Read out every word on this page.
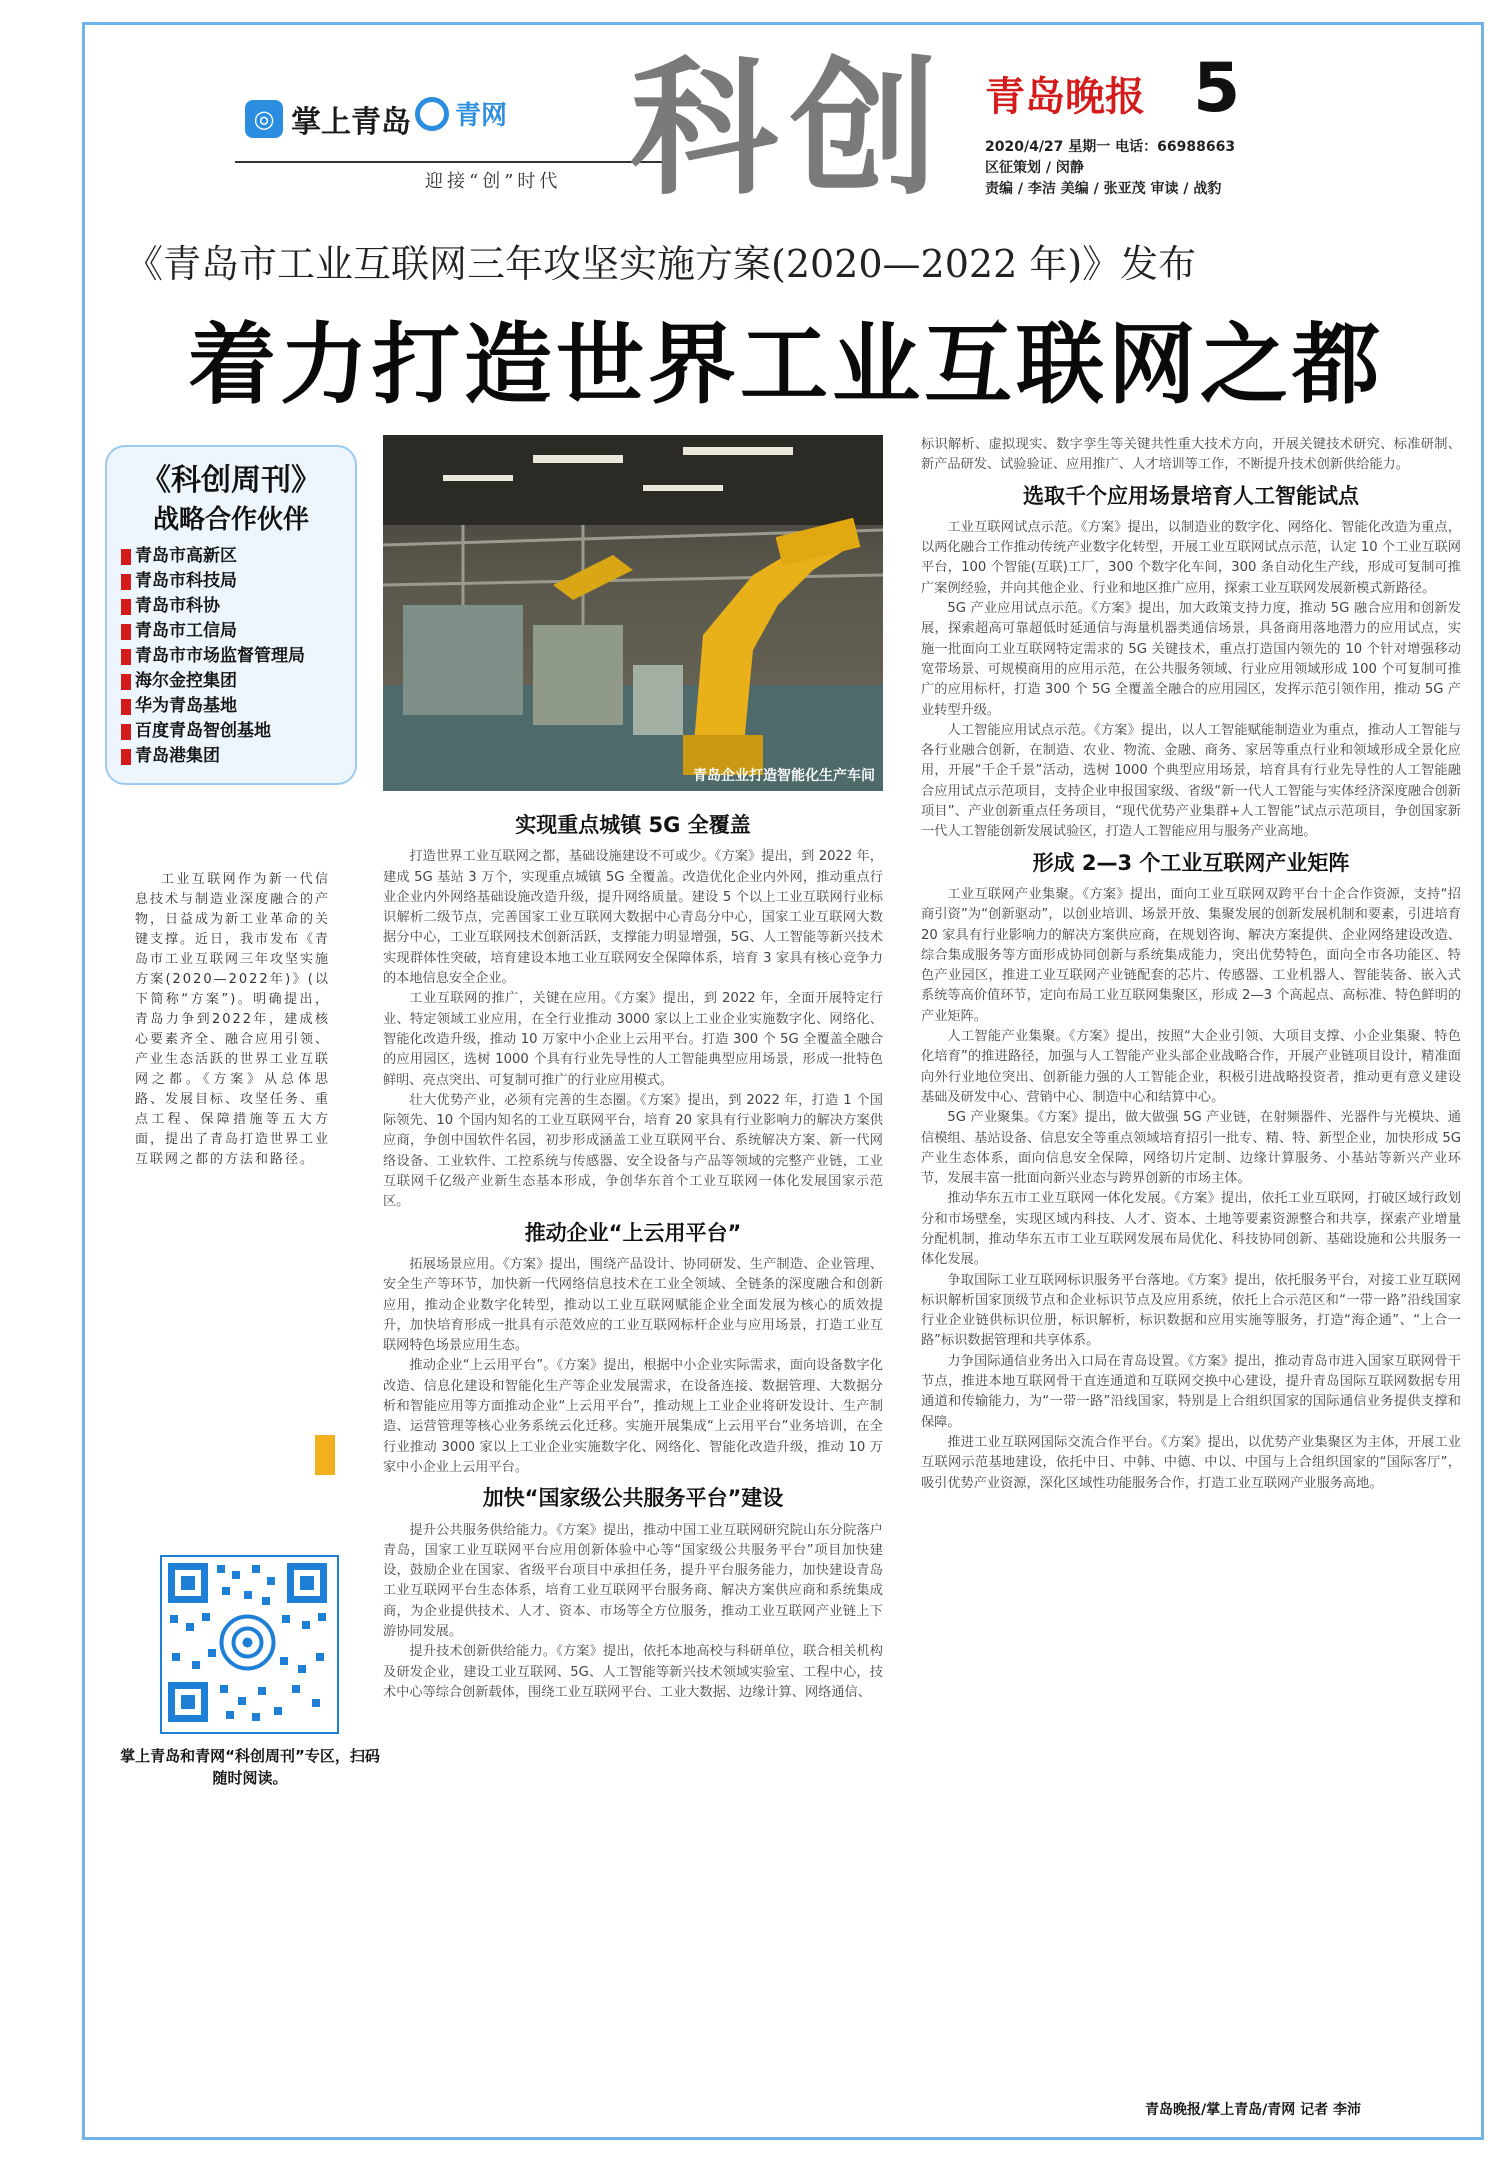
◎ 掌上青岛 青网
迎接“创”时代 科创 青岛晚报 5
2020/4/27 星期一 电话：66988663
区征策划 / 闵静
责编 / 李洁 美编 / 张亚茂 审读 / 战豹
《青岛市工业互联网三年攻坚实施方案(2020—2022 年)》发布
着力打造世界工业互联网之都
《科创周刊》
战略合作伙伴
青岛市高新区
青岛市科技局
青岛市科协
青岛市工信局
青岛市市场监督管理局
海尔金控集团
华为青岛基地
百度青岛智创基地
青岛港集团
工业互联网作为新一代信息技术与制造业深度融合的产物，日益成为新工业革命的关键支撑。近日，我市发布《青岛市工业互联网三年攻坚实施方案(2020—2022年)》(以下简称“方案”)。明确提出，青岛力争到2022年，建成核心要素齐全、融合应用引领、产业生态活跃的世界工业互联网之都。《方案》从总体思路、发展目标、攻坚任务、重点工程、保障措施等五大方面，提出了青岛打造世界工业互联网之都的方法和路径。
掌上青岛和青网“科创周刊”专区，扫码随时阅读。
青岛企业打造智能化生产车间
实现重点城镇 5G 全覆盖

打造世界工业互联网之都，基础设施建设不可或少。《方案》提出，到 2022 年，建成 5G 基站 3 万个，实现重点城镇 5G 全覆盖。改造优化企业内外网，推动重点行业企业内外网络基础设施改造升级，提升网络质量。建设 5 个以上工业互联网行业标识解析二级节点，完善国家工业互联网大数据中心青岛分中心，国家工业互联网大数据分中心，工业互联网技术创新活跃，支撑能力明显增强，5G、人工智能等新兴技术实现群体性突破，培育建设本地工业互联网安全保障体系，培育 3 家具有核心竞争力的本地信息安全企业。

工业互联网的推广，关键在应用。《方案》提出，到 2022 年，全面开展特定行业、特定领域工业应用，在全行业推动 3000 家以上工业企业实施数字化、网络化、智能化改造升级，推动 10 万家中小企业上云用平台。打造 300 个 5G 全覆盖全融合的应用园区，选树 1000 个具有行业先导性的人工智能典型应用场景，形成一批特色鲜明、亮点突出、可复制可推广的行业应用模式。

壮大优势产业，必须有完善的生态圈。《方案》提出，到 2022 年，打造 1 个国际领先、10 个国内知名的工业互联网平台，培育 20 家具有行业影响力的解决方案供应商，争创中国软件名园，初步形成涵盖工业互联网平台、系统解决方案、新一代网络设备、工业软件、工控系统与传感器、安全设备与产品等领域的完整产业链，工业互联网千亿级产业新生态基本形成，争创华东首个工业互联网一体化发展国家示范区。

推动企业“上云用平台”

拓展场景应用。《方案》提出，围绕产品设计、协同研发、生产制造、企业管理、安全生产等环节，加快新一代网络信息技术在工业全领域、全链条的深度融合和创新应用，推动企业数字化转型，推动以工业互联网赋能企业全面发展为核心的质效提升，加快培育形成一批具有示范效应的工业互联网标杆企业与应用场景，打造工业互联网特色场景应用生态。

推动企业“上云用平台”。《方案》提出，根据中小企业实际需求，面向设备数字化改造、信息化建设和智能化生产等企业发展需求，在设备连接、数据管理、大数据分析和智能应用等方面推动企业“上云用平台”，推动规上工业企业将研发设计、生产制造、运营管理等核心业务系统云化迁移。实施开展集成“上云用平台”业务培训，在全行业推动 3000 家以上工业企业实施数字化、网络化、智能化改造升级，推动 10 万家中小企业上云用平台。

加快“国家级公共服务平台”建设

提升公共服务供给能力。《方案》提出，推动中国工业互联网研究院山东分院落户青岛，国家工业互联网平台应用创新体验中心等“国家级公共服务平台”项目加快建设，鼓励企业在国家、省级平台项目中承担任务，提升平台服务能力，加快建设青岛工业互联网平台生态体系，培育工业互联网平台服务商、解决方案供应商和系统集成商，为企业提供技术、人才、资本、市场等全方位服务，推动工业互联网产业链上下游协同发展。

提升技术创新供给能力。《方案》提出，依托本地高校与科研单位，联合相关机构及研发企业，建设工业互联网、5G、人工智能等新兴技术领域实验室、工程中心，技术中心等综合创新载体，围绕工业互联网平台、工业大数据、边缘计算、网络通信、

标识解析、虚拟现实、数字孪生等关键共性重大技术方向，开展关键技术研究、标准研制、新产品研发、试验验证、应用推广、人才培训等工作，不断提升技术创新供给能力。

选取千个应用场景培育人工智能试点

工业互联网试点示范。《方案》提出，以制造业的数字化、网络化、智能化改造为重点，以两化融合工作推动传统产业数字化转型，开展工业互联网试点示范，认定 10 个工业互联网平台，100 个智能(互联)工厂，300 个数字化车间，300 条自动化生产线，形成可复制可推广案例经验，并向其他企业、行业和地区推广应用，探索工业互联网发展新模式新路径。

5G 产业应用试点示范。《方案》提出，加大政策支持力度，推动 5G 融合应用和创新发展，探索超高可靠超低时延通信与海量机器类通信场景，具备商用落地潜力的应用试点，实施一批面向工业互联网特定需求的 5G 关键技术，重点打造国内领先的 10 个针对增强移动宽带场景、可规模商用的应用示范，在公共服务领域、行业应用领域形成 100 个可复制可推广的应用标杆，打造 300 个 5G 全覆盖全融合的应用园区，发挥示范引领作用，推动 5G 产业转型升级。

人工智能应用试点示范。《方案》提出，以人工智能赋能制造业为重点，推动人工智能与各行业融合创新，在制造、农业、物流、金融、商务、家居等重点行业和领域形成全景化应用，开展“千企千景”活动，选树 1000 个典型应用场景，培育具有行业先导性的人工智能融合应用试点示范项目，支持企业申报国家级、省级“新一代人工智能与实体经济深度融合创新项目”、产业创新重点任务项目，“现代优势产业集群+人工智能”试点示范项目，争创国家新一代人工智能创新发展试验区，打造人工智能应用与服务产业高地。

形成 2—3 个工业互联网产业矩阵

工业互联网产业集聚。《方案》提出，面向工业互联网双跨平台十企合作资源，支持“招商引资”为“创新驱动”，以创业培训、场景开放、集聚发展的创新发展机制和要素，引进培育 20 家具有行业影响力的解决方案供应商，在规划咨询、解决方案提供、企业网络建设改造、综合集成服务等方面形成协同创新与系统集成能力，突出优势特色，面向全市各功能区、特色产业园区，推进工业互联网产业链配套的芯片、传感器、工业机器人、智能装备、嵌入式系统等高价值环节，定向布局工业互联网集聚区，形成 2—3 个高起点、高标准、特色鲜明的产业矩阵。

人工智能产业集聚。《方案》提出，按照“大企业引领、大项目支撑、小企业集聚、特色化培育”的推进路径，加强与人工智能产业头部企业战略合作，开展产业链项目设计，精准面向外行业地位突出、创新能力强的人工智能企业，积极引进战略投资者，推动更有意义建设基础及研发中心、营销中心、制造中心和结算中心。

5G 产业聚集。《方案》提出，做大做强 5G 产业链，在射频器件、光器件与光模块、通信模组、基站设备、信息安全等重点领域培育招引一批专、精、特、新型企业，加快形成 5G 产业生态体系，面向信息安全保障，网络切片定制、边缘计算服务、小基站等新兴产业环节，发展丰富一批面向新兴业态与跨界创新的市场主体。

推动华东五市工业互联网一体化发展。《方案》提出，依托工业互联网，打破区域行政划分和市场壁垒，实现区域内科技、人才、资本、土地等要素资源整合和共享，探索产业增量分配机制，推动华东五市工业互联网发展布局优化、科技协同创新、基础设施和公共服务一体化发展。

争取国际工业互联网标识服务平台落地。《方案》提出，依托服务平台，对接工业互联网标识解析国家顶级节点和企业标识节点及应用系统，依托上合示范区和“一带一路”沿线国家行业企业链供标识位册，标识解析，标识数据和应用实施等服务，打造“海企通”、“上合一路”标识数据管理和共享体系。

力争国际通信业务出入口局在青岛设置。《方案》提出，推动青岛市进入国家互联网骨干节点，推进本地互联网骨干直连通道和互联网交换中心建设，提升青岛国际互联网数据专用通道和传输能力，为“一带一路”沿线国家，特别是上合组织国家的国际通信业务提供支撑和保障。

推进工业互联网国际交流合作平台。《方案》提出，以优势产业集聚区为主体，开展工业互联网示范基地建设，依托中日、中韩、中德、中以、中国与上合组织国家的“国际客厅”，吸引优势产业资源，深化区域性功能服务合作，打造工业互联网产业服务高地。

青岛晚报/掌上青岛/青网 记者 李沛
